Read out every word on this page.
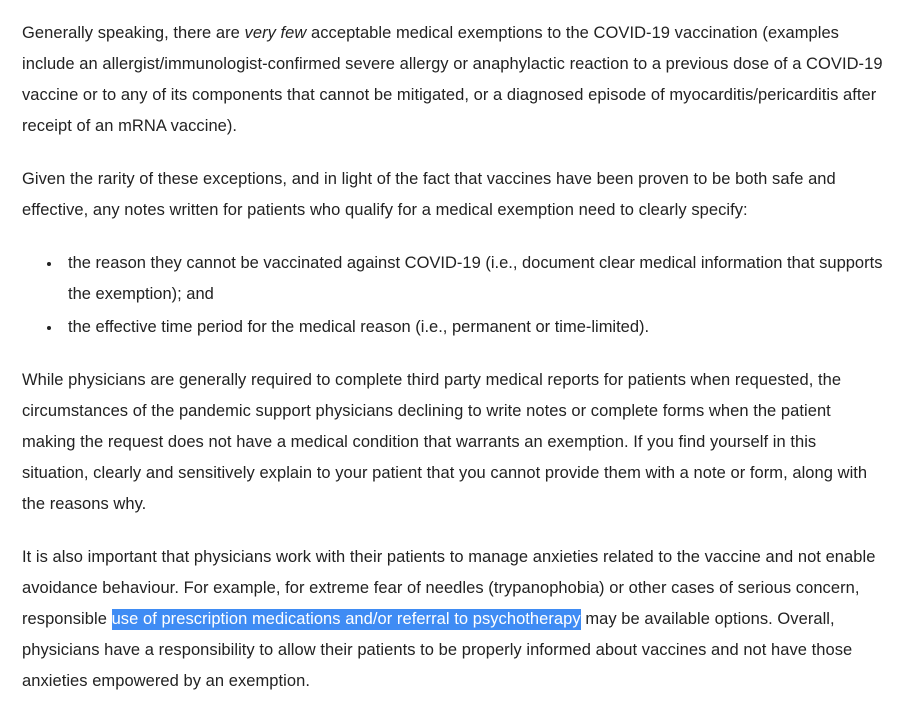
Generally speaking, there are very few acceptable medical exemptions to the COVID-19 vaccination (examples include an allergist/immunologist-confirmed severe allergy or anaphylactic reaction to a previous dose of a COVID-19 vaccine or to any of its components that cannot be mitigated, or a diagnosed episode of myocarditis/pericarditis after receipt of an mRNA vaccine).

Given the rarity of these exceptions, and in light of the fact that vaccines have been proven to be both safe and effective, any notes written for patients who qualify for a medical exemption need to clearly specify:

• the reason they cannot be vaccinated against COVID-19 (i.e., document clear medical information that supports the exemption); and
• the effective time period for the medical reason (i.e., permanent or time-limited).

While physicians are generally required to complete third party medical reports for patients when requested, the circumstances of the pandemic support physicians declining to write notes or complete forms when the patient making the request does not have a medical condition that warrants an exemption. If you find yourself in this situation, clearly and sensitively explain to your patient that you cannot provide them with a note or form, along with the reasons why.

It is also important that physicians work with their patients to manage anxieties related to the vaccine and not enable avoidance behaviour. For example, for extreme fear of needles (trypanophobia) or other cases of serious concern, responsible use of prescription medications and/or referral to psychotherapy may be available options. Overall, physicians have a responsibility to allow their patients to be properly informed about vaccines and not have those anxieties empowered by an exemption.
